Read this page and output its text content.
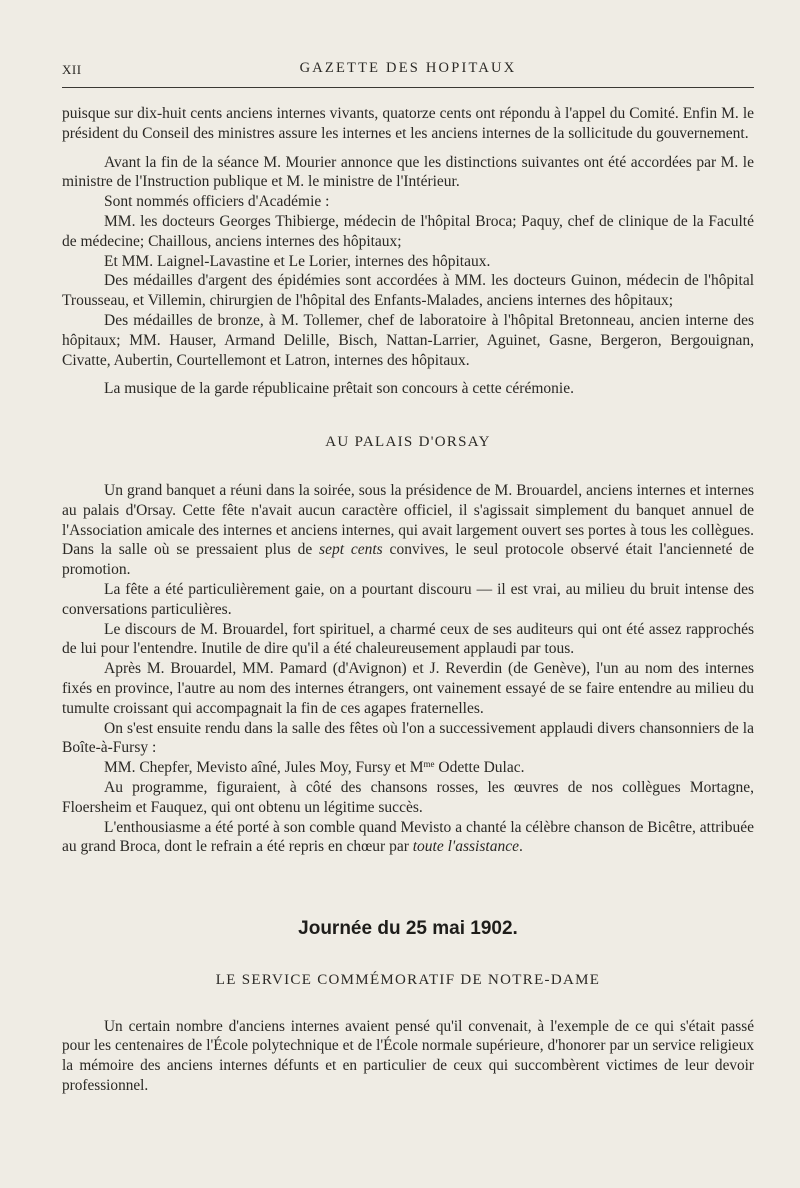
XII	GAZETTE DES HOPITAUX

puisque sur dix-huit cents anciens internes vivants, quatorze cents ont répondu à l'appel du Comité. Enfin M. le président du Conseil des ministres assure les internes et les anciens internes de la sollicitude du gouvernement.

Avant la fin de la séance M. Mourier annonce que les distinctions suivantes ont été accordées par M. le ministre de l'Instruction publique et M. le ministre de l'Intérieur.

Sont nommés officiers d'Académie :

MM. les docteurs Georges Thibierge, médecin de l'hôpital Broca; Paquy, chef de clinique de la Faculté de médecine; Chaillous, anciens internes des hôpitaux;

Et MM. Laignel-Lavastine et Le Lorier, internes des hôpitaux.

Des médailles d'argent des épidémies sont accordées à MM. les docteurs Guinon, médecin de l'hôpital Trousseau, et Villemin, chirurgien de l'hôpital des Enfants-Malades, anciens internes des hôpitaux;

Des médailles de bronze, à M. Tollemer, chef de laboratoire à l'hôpital Bretonneau, ancien interne des hôpitaux; MM. Hauser, Armand Delille, Bisch, Nattan-Larrier, Aguinet, Gasne, Bergeron, Bergouignan, Civatte, Aubertin, Courtellemont et Latron, internes des hôpitaux.

La musique de la garde républicaine prêtait son concours à cette cérémonie.

AU PALAIS D'ORSAY

Un grand banquet a réuni dans la soirée, sous la présidence de M. Brouardel, anciens internes et internes au palais d'Orsay. Cette fête n'avait aucun caractère officiel, il s'agissait simplement du banquet annuel de l'Association amicale des internes et anciens internes, qui avait largement ouvert ses portes à tous les collègues. Dans la salle où se pressaient plus de sept cents convives, le seul protocole observé était l'ancienneté de promotion.

La fête a été particulièrement gaie, on a pourtant discouru — il est vrai, au milieu du bruit intense des conversations particulières.

Le discours de M. Brouardel, fort spirituel, a charmé ceux de ses auditeurs qui ont été assez rapprochés de lui pour l'entendre. Inutile de dire qu'il a été chaleureusement applaudi par tous.

Après M. Brouardel, MM. Pamard (d'Avignon) et J. Reverdin (de Genève), l'un au nom des internes fixés en province, l'autre au nom des internes étrangers, ont vainement essayé de se faire entendre au milieu du tumulte croissant qui accompagnait la fin de ces agapes fraternelles.

On s'est ensuite rendu dans la salle des fêtes où l'on a successivement applaudi divers chansonniers de la Boîte-à-Fursy :

MM. Chepfer, Mevisto aîné, Jules Moy, Fursy et $M^{me}$ Odette Dulac.

Au programme, figuraient, à côté des chansons rosses, les œuvres de nos collègues Mortagne, Floersheim et Fauquez, qui ont obtenu un légitime succès.

L'enthousiasme a été porté à son comble quand Mevisto a chanté la célèbre chanson de Bicêtre, attribuée au grand Broca, dont le refrain a été repris en chœur par toute l'assistance.

Journée du 25 mai 1902.
LE SERVICE COMMÉMORATIF DE NOTRE-DAME

Un certain nombre d'anciens internes avaient pensé qu'il convenait, à l'exemple de ce qui s'était passé pour les centenaires de l'École polytechnique et de l'École normale supérieure, d'honorer par un service religieux la mémoire des anciens internes défunts et en particulier de ceux qui succombèrent victimes de leur devoir professionnel.
